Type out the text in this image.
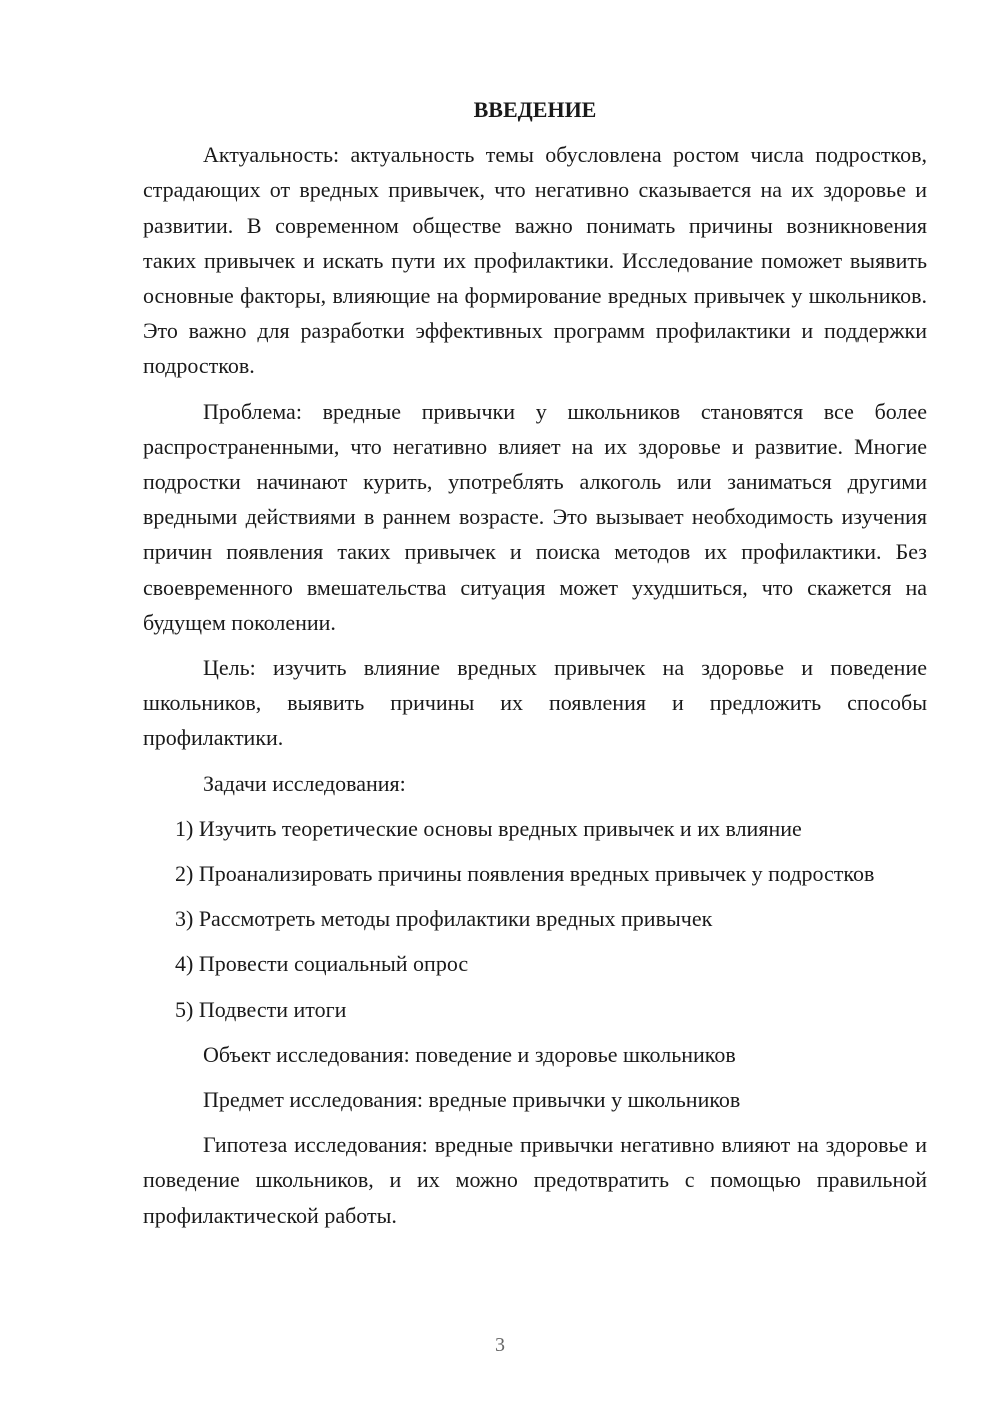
ВВЕДЕНИЕ

Актуальность: актуальность темы обусловлена ростом числа подростков, страдающих от вредных привычек, что негативно сказывается на их здоровье и развитии. В современном обществе важно понимать причины возникновения таких привычек и искать пути их профилактики. Исследование поможет выявить основные факторы, влияющие на формирование вредных привычек у школьников. Это важно для разработки эффективных программ профилактики и поддержки подростков.

Проблема: вредные привычки у школьников становятся все более распространенными, что негативно влияет на их здоровье и развитие. Многие подростки начинают курить, употреблять алкоголь или заниматься другими вредными действиями в раннем возрасте. Это вызывает необходимость изучения причин появления таких привычек и поиска методов их профилактики. Без своевременного вмешательства ситуация может ухудшиться, что скажется на будущем поколении.

Цель: изучить влияние вредных привычек на здоровье и поведение школьников, выявить причины их появления и предложить способы профилактики.

Задачи исследования:

1) Изучить теоретические основы вредных привычек и их влияние

2) Проанализировать причины появления вредных привычек у подростков

3) Рассмотреть методы профилактики вредных привычек

4) Провести социальный опрос

5) Подвести итоги

Объект исследования: поведение и здоровье школьников

Предмет исследования: вредные привычки у школьников

Гипотеза исследования: вредные привычки негативно влияют на здоровье и поведение школьников, и их можно предотвратить с помощью правильной профилактической работы.

3
